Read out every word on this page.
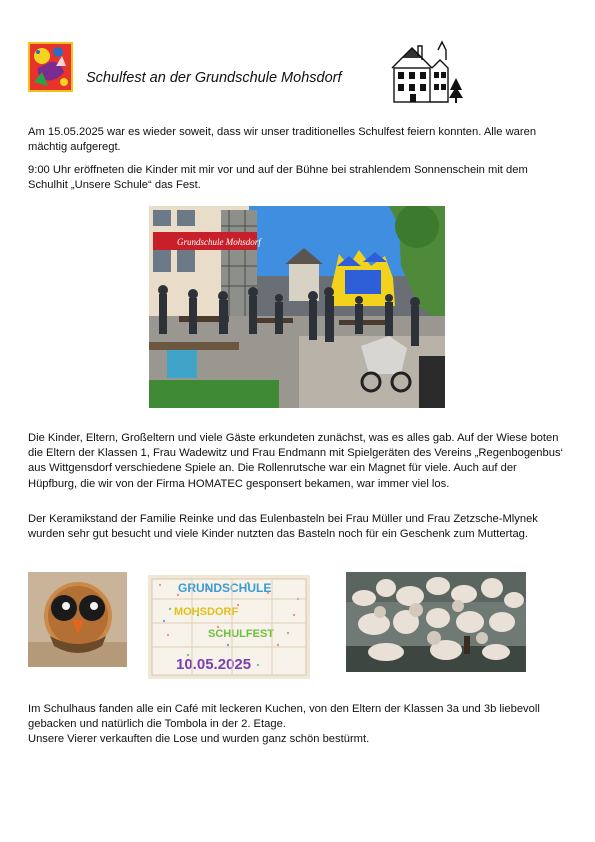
Schulfest an der Grundschule Mohsdorf
Am 15.05.2025 war es wieder soweit, dass wir unser traditionelles Schulfest feiern konnten. Alle waren mächtig aufgeregt.
9:00 Uhr eröffneten die Kinder mit mir vor und auf der Bühne bei strahlendem Sonnenschein mit dem Schulhit „Unsere Schule“ das Fest.
Grundschule Mohsdorf
Die Kinder, Eltern, Großeltern und viele Gäste erkundeten zunächst, was es alles gab. Auf der Wiese boten die Eltern der Klassen 1, Frau Wadewitz und Frau Endmann mit Spielgeräten des Vereins „Regenbogenbus‘ aus Wittgensdorf verschiedene Spiele an. Die Rollenrutsche war ein Magnet für viele. Auch auf der Hüpfburg, die wir von der Firma HOMATEC gesponsert bekamen, war immer viel los.
Der Keramikstand der Familie Reinke und das Eulenbasteln bei Frau Müller und Frau Zetzsche-Mlynek wurden sehr gut besucht und viele Kinder nutzten das Basteln noch für ein Geschenk zum Muttertag.
GRUNDSCHULE
MOHSDORF
SCHULFEST
10.05.2025
Im Schulhaus fanden alle ein Café mit leckeren Kuchen, von den Eltern der Klassen 3a und 3b liebevoll gebacken und natürlich die Tombola in der 2. Etage.
Unsere Vierer verkauften die Lose und wurden ganz schön bestürmt.
